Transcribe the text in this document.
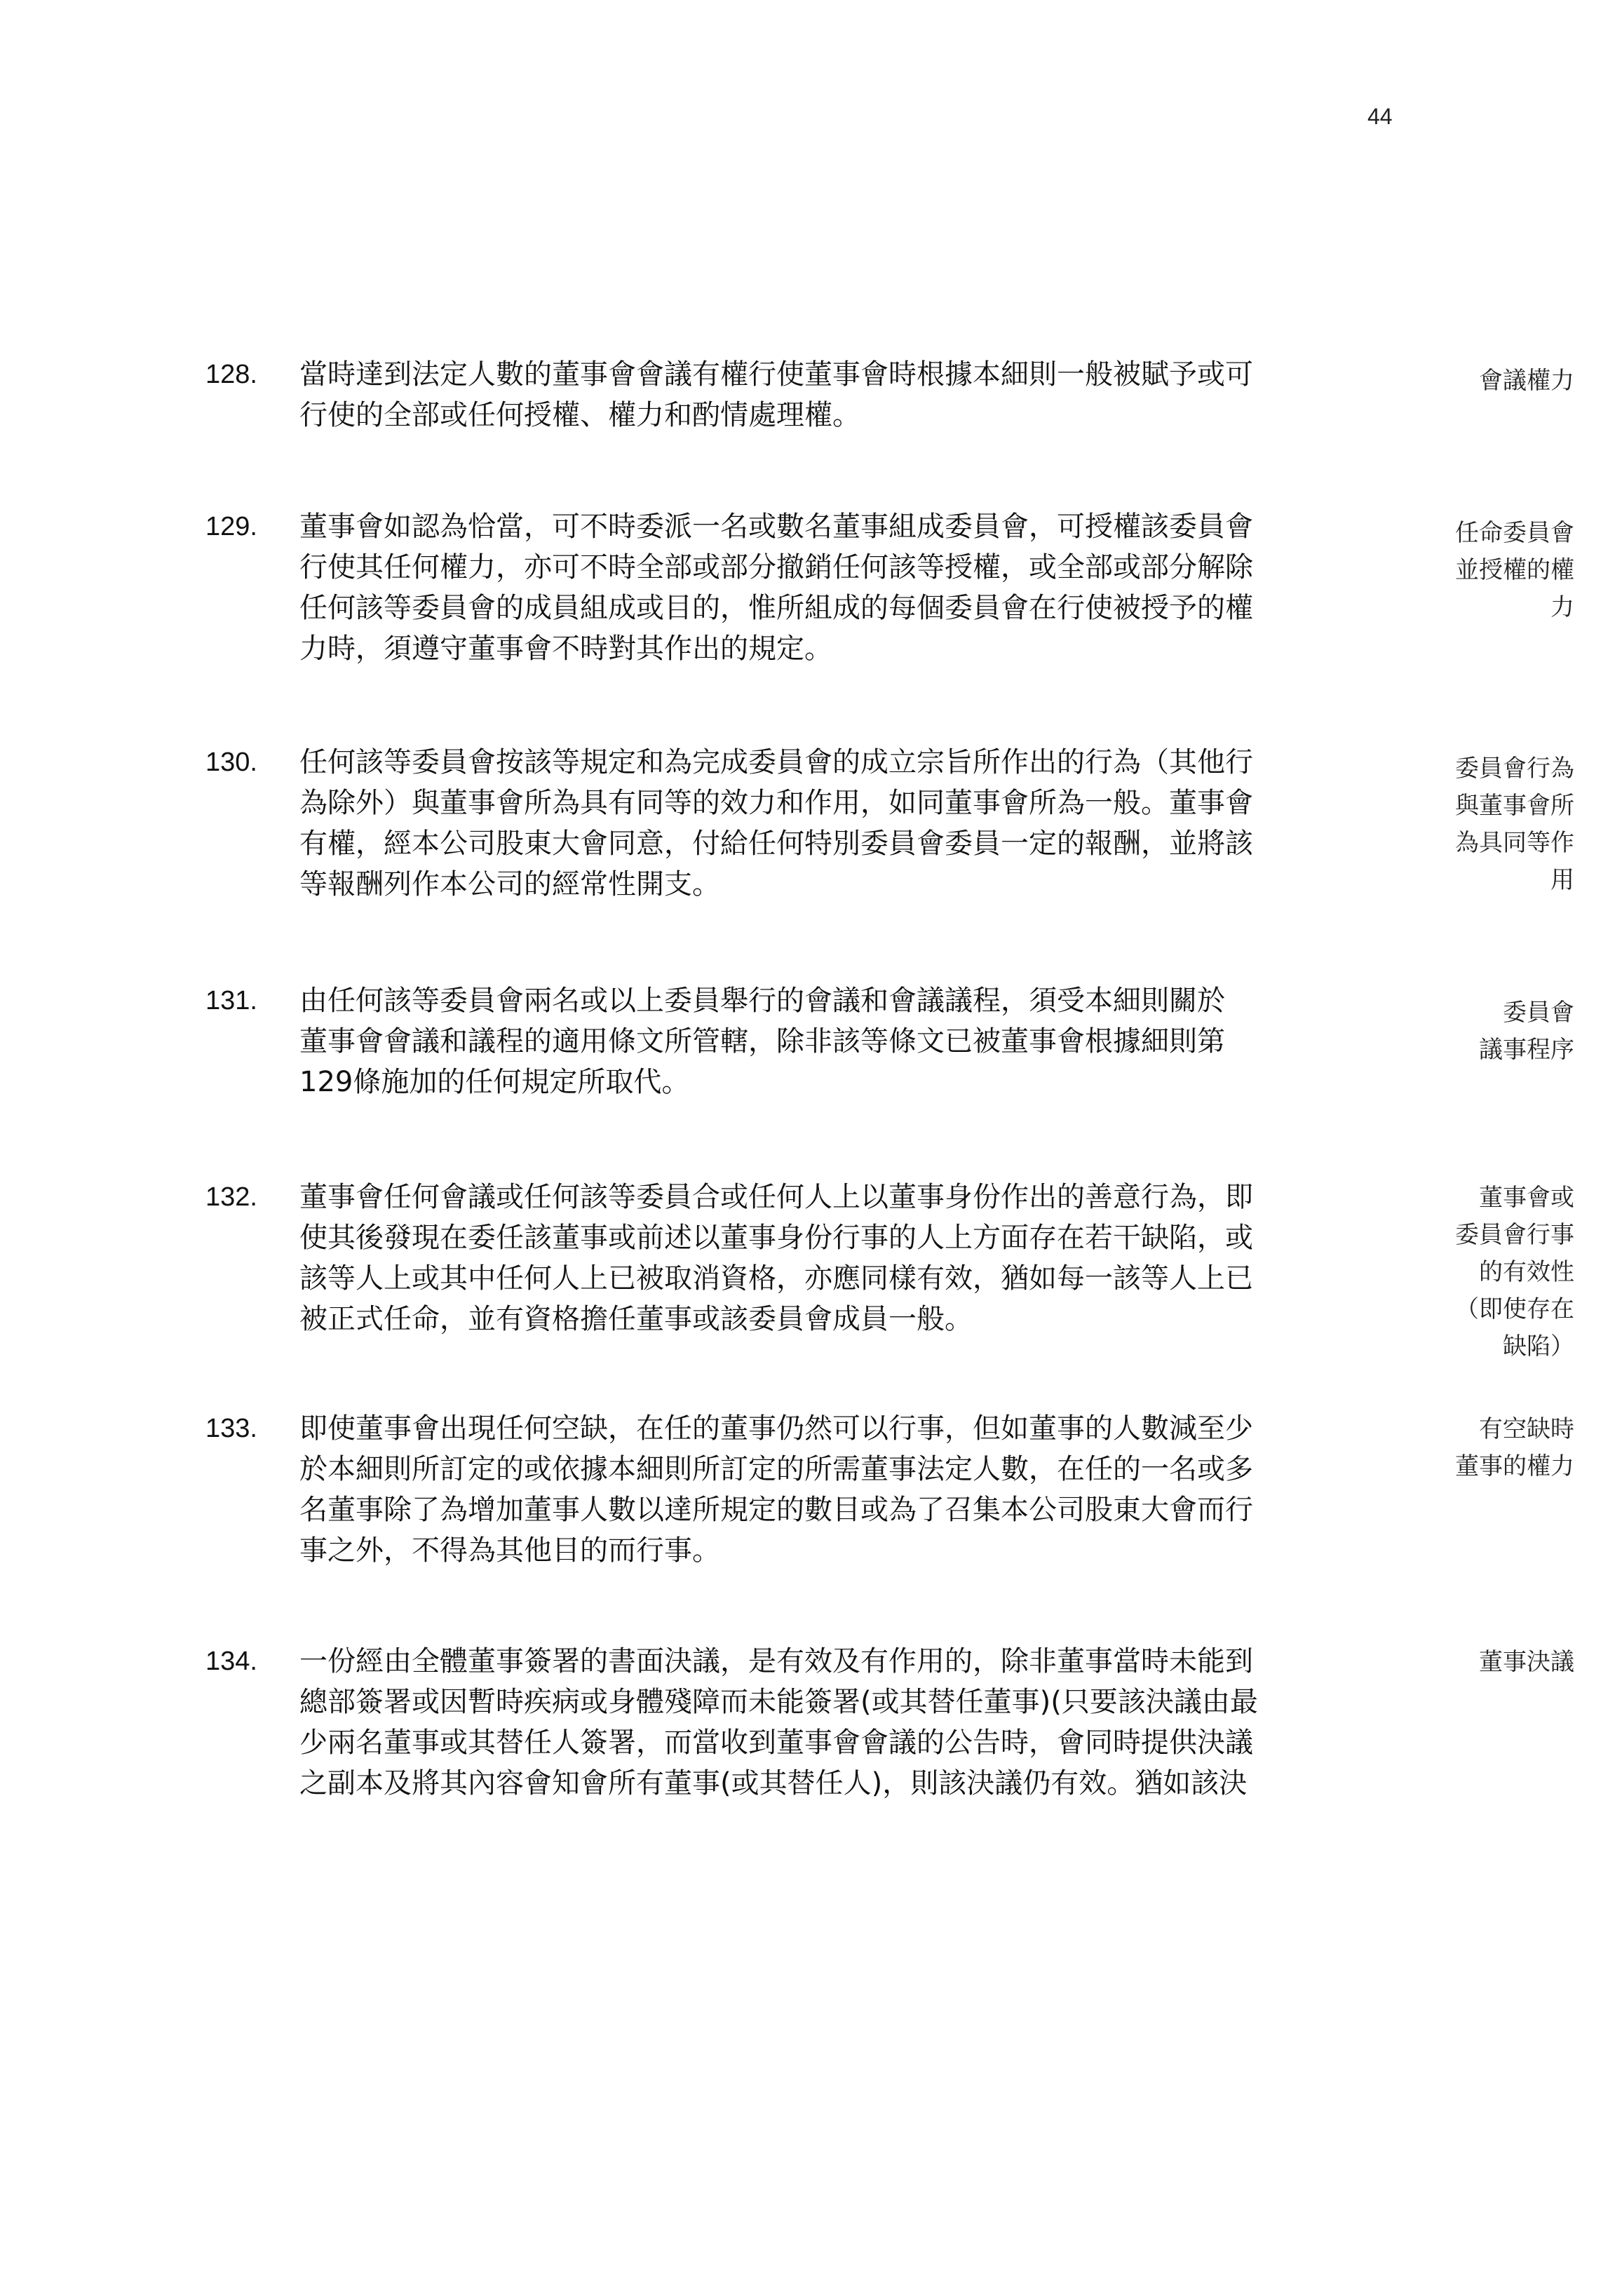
44
128. 當時達到法定人數的董事會會議有權行使董事會時根據本細則一般被賦予或可
行使的全部或任何授權、權力和酌情處理權。
會議權力
129. 董事會如認為恰當，可不時委派一名或數名董事組成委員會，可授權該委員會
行使其任何權力，亦可不時全部或部分撤銷任何該等授權，或全部或部分解除
任何該等委員會的成員組成或目的，惟所組成的每個委員會在行使被授予的權
力時，須遵守董事會不時對其作出的規定。
任命委員會
並授權的權
力
130. 任何該等委員會按該等規定和為完成委員會的成立宗旨所作出的行為（其他行
為除外）與董事會所為具有同等的效力和作用，如同董事會所為一般。董事會
有權，經本公司股東大會同意，付給任何特別委員會委員一定的報酬，並將該
等報酬列作本公司的經常性開支。
委員會行為
與董事會所
為具同等作
用
131. 由任何該等委員會兩名或以上委員舉行的會議和會議議程，須受本細則關於
董事會會議和議程的適用條文所管轄，除非該等條文已被董事會根據細則第
129條施加的任何規定所取代。
委員會
議事程序
132. 董事會任何會議或任何該等委員合或任何人上以董事身份作出的善意行為，即
使其後發現在委任該董事或前述以董事身份行事的人上方面存在若干缺陷，或
該等人上或其中任何人上已被取消資格，亦應同樣有效，猶如每一該等人上已
被正式任命，並有資格擔任董事或該委員會成員一般。
董事會或
委員會行事
的有效性
（即使存在
缺陷）
133. 即使董事會出現任何空缺，在任的董事仍然可以行事，但如董事的人數減至少
於本細則所訂定的或依據本細則所訂定的所需董事法定人數，在任的一名或多
名董事除了為增加董事人數以達所規定的數目或為了召集本公司股東大會而行
事之外，不得為其他目的而行事。
有空缺時
董事的權力
134. 一份經由全體董事簽署的書面決議，是有效及有作用的，除非董事當時未能到
總部簽署或因暫時疾病或身體殘障而未能簽署(或其替任董事)(只要該決議由最
少兩名董事或其替任人簽署，而當收到董事會會議的公告時，會同時提供決議
之副本及將其內容會知會所有董事(或其替任人)，則該決議仍有效。猶如該決
董事決議
